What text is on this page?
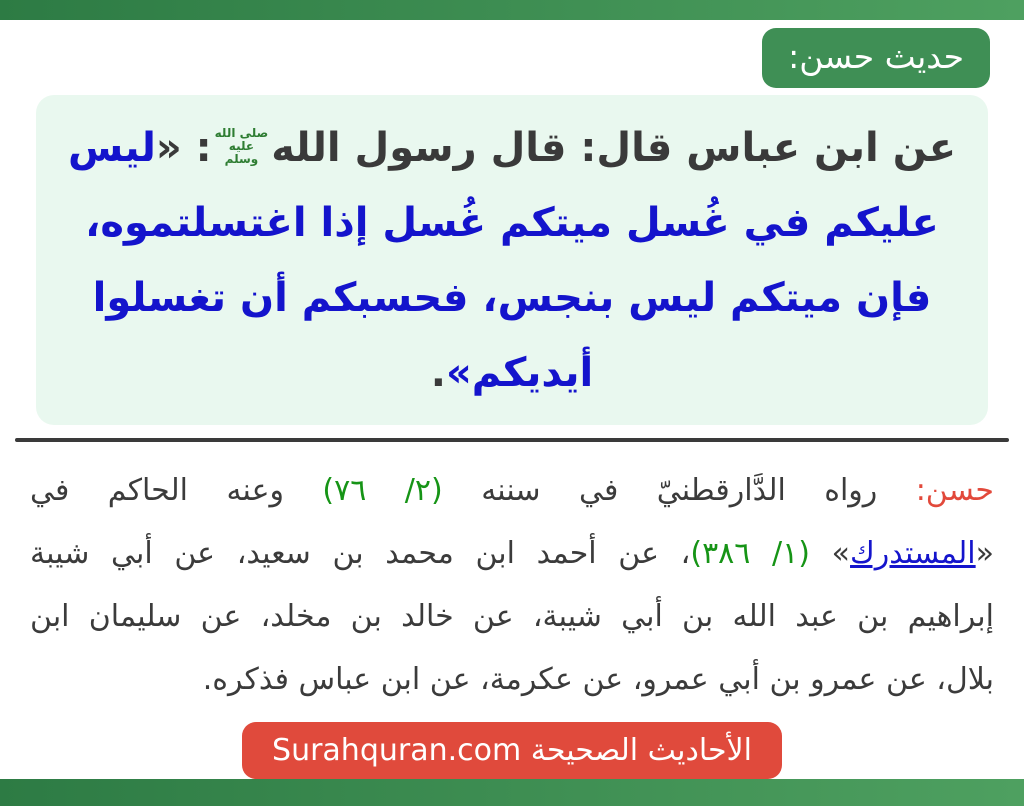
حديث حسن:
عن ابن عباس قال: قال رسول الله
صلى الله
عليه
وسلم
: «ليس
عليكم في غُسل ميتكم غُسل إذا اغتسلتموه،
فإن ميتكم ليس بنجس، فحسبكم أن تغسلوا
أيديكم».
حسن: رواه الدَّارقطنيّ في سننه (٢/ ٧٦) وعنه الحاكم في
«المستدرك» (١/ ٣٨٦)، عن أحمد ابن محمد بن سعيد، عن أبي شيبة
إبراهيم بن عبد الله بن أبي شيبة، عن خالد بن مخلد، عن سليمان ابن
بلال، عن عمرو بن أبي عمرو، عن عكرمة، عن ابن عباس فذكره.
الأحاديث الصحيحة Surahquran.com
